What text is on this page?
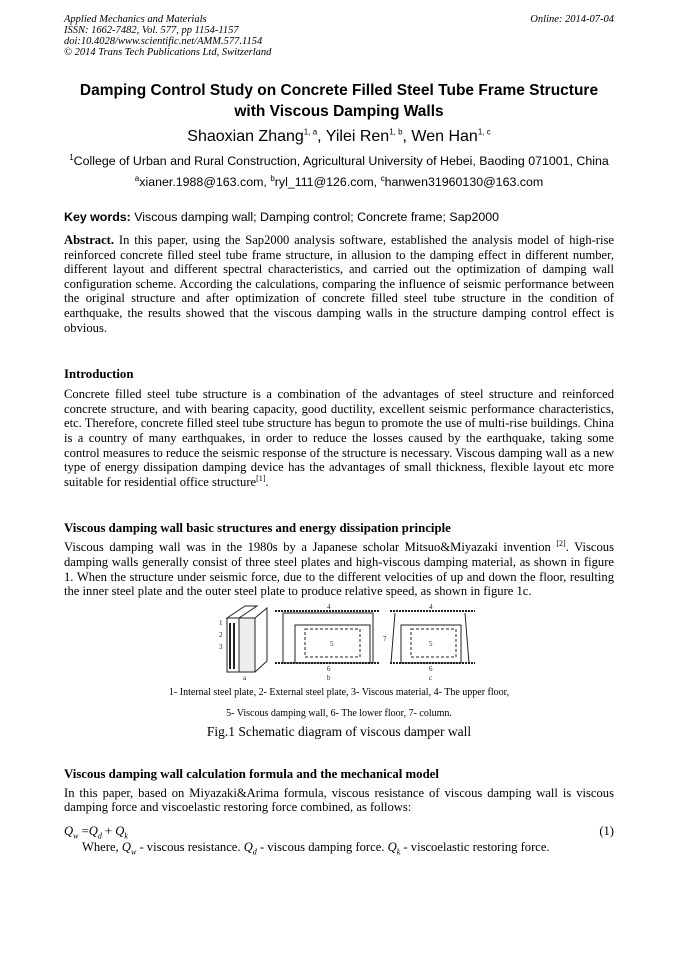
Applied Mechanics and Materials
ISSN: 1662-7482, Vol. 577, pp 1154-1157
doi:10.4028/www.scientific.net/AMM.577.1154
© 2014 Trans Tech Publications Ltd, Switzerland
Online: 2014-07-04
Damping Control Study on Concrete Filled Steel Tube Frame Structure
with Viscous Damping Walls
Shaoxian Zhang$^{1, a}$, Yilei Ren$^{1, b}$, Wen Han$^{1, c}$
$^1$College of Urban and Rural Construction, Agricultural University of Hebei, Baoding 071001, China
$^a$xianer.1988@163.com, $^b$ryl_111@126.com, $^c$hanwen31960130@163.com
Key words: Viscous damping wall; Damping control; Concrete frame; Sap2000
Abstract. In this paper, using the Sap2000 analysis software, established the analysis model of high-rise reinforced concrete filled steel tube frame structure, in allusion to the damping effect in different number, different layout and different spectral characteristics, and carried out the optimization of damping wall configuration scheme. According the calculations, comparing the influence of seismic performance between the original structure and after optimization of concrete filled steel tube structure in the condition of earthquake, the results showed that the viscous damping walls in the structure damping control effect is obvious.
Introduction
Concrete filled steel tube structure is a combination of the advantages of steel structure and reinforced concrete structure, and with bearing capacity, good ductility, excellent seismic performance characteristics, etc. Therefore, concrete filled steel tube structure has begun to promote the use of multi-rise buildings. China is a country of many earthquakes, in order to reduce the losses caused by the earthquake, taking some control measures to reduce the seismic response of the structure is necessary. Viscous damping wall as a new type of energy dissipation damping device has the advantages of small thickness, flexible layout etc more suitable for residential office structure[1].
Viscous damping wall basic structures and energy dissipation principle
Viscous damping wall was in the 1980s by a Japanese scholar Mitsuo&Miyazaki invention [2]. Viscous damping walls generally consist of three steel plates and high-viscous damping material, as shown in figure 1. When the structure under seismic force, due to the different velocities of up and down the floor, resulting the inner steel plate and the outer steel plate to produce relative speed, as shown in figure 1c.
1
2
3
4
5
6
7
a	b	c
4
5
6
1- Internal steel plate, 2- External steel plate, 3- Viscous material, 4- The upper floor,
5- Viscous damping wall, 6- The lower floor, 7- column.
Fig.1 Schematic diagram of viscous damper wall
Viscous damping wall calculation formula and the mechanical model
In this paper, based on Miyazaki&Arima formula, viscous resistance of viscous damping wall is viscous damping force and viscoelastic restoring force combined, as follows:
$Q_w =Q_d + Q_k$	(1)
Where, $Q_w$ - viscous resistance. $Q_d$ - viscous damping force. $Q_k$ - viscoelastic restoring force.
